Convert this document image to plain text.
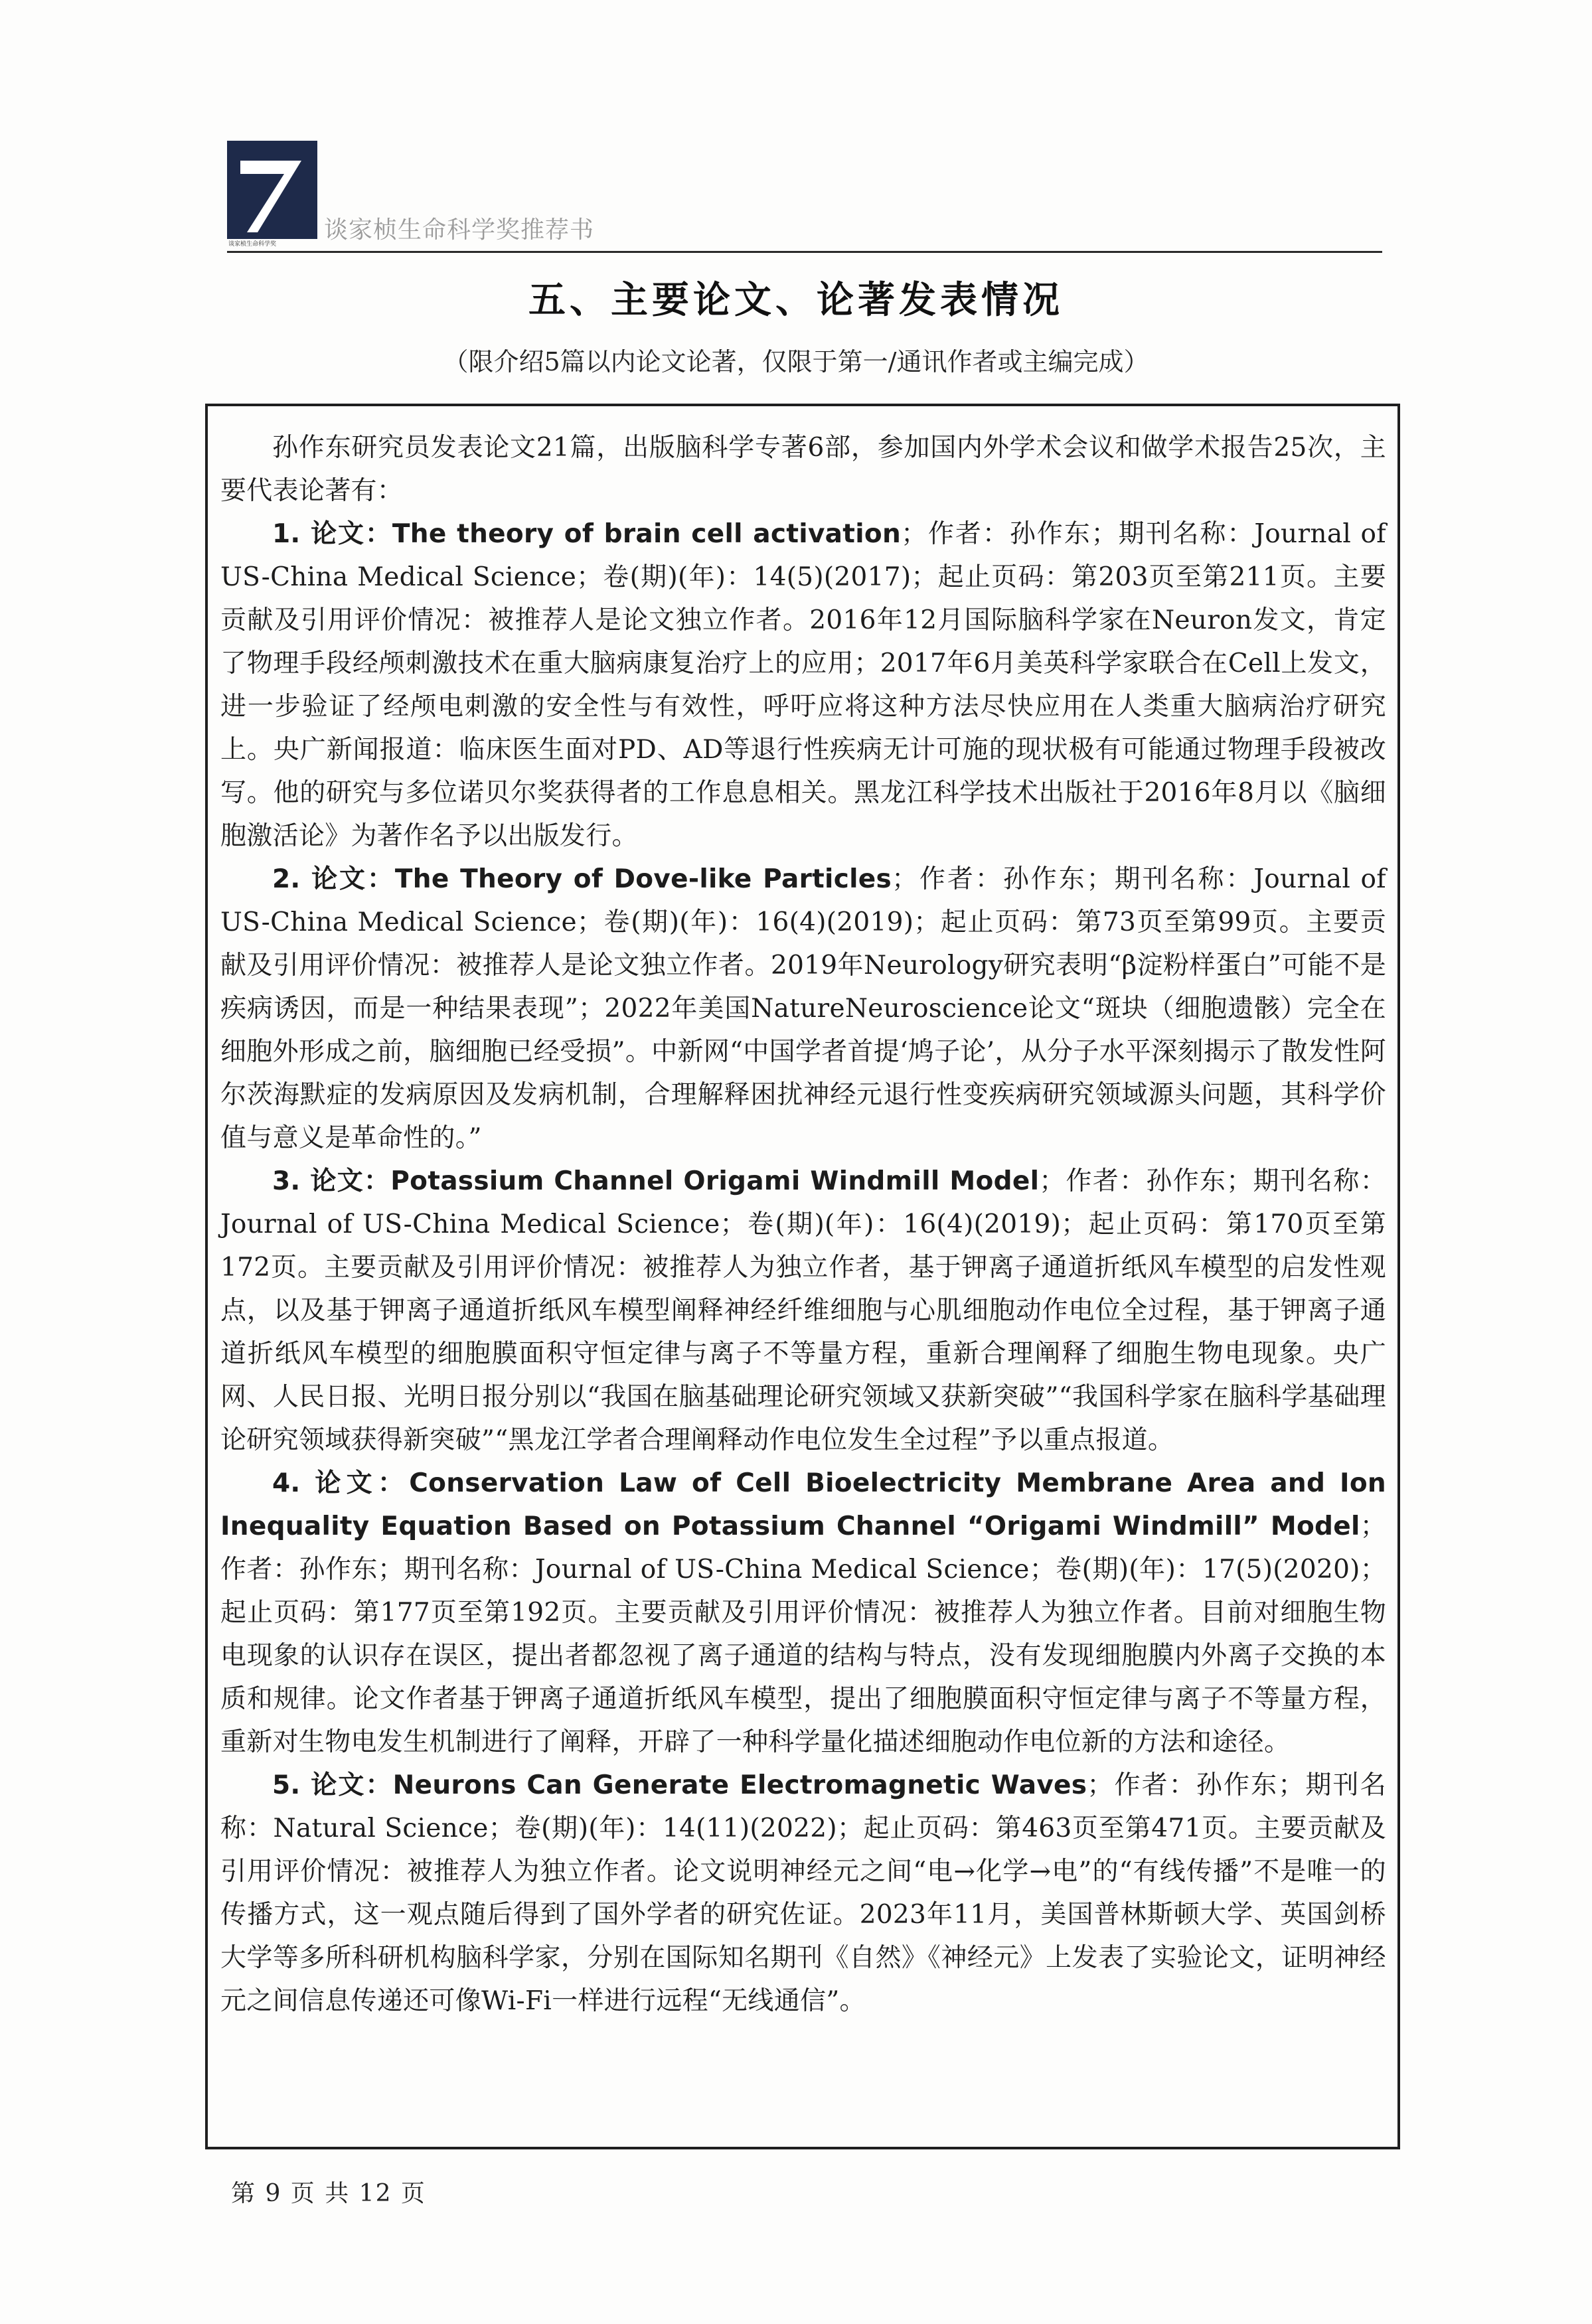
谈家桢生命科学奖
谈家桢生命科学奖推荐书
五、主要论文、论著发表情况
（限介绍5篇以内论文论著，仅限于第一/通讯作者或主编完成）

孙作东研究员发表论文21篇，出版脑科学专著6部，参加国内外学术会议和做学术报告25次，主要代表论著有：

1. 论文：The theory of brain cell activation；作者：孙作东；期刊名称：Journal of US-China Medical Science；卷(期)(年)：14(5)(2017)；起止页码：第203页至第211页。主要贡献及引用评价情况：被推荐人是论文独立作者。2016年12月国际脑科学家在Neuron发文，肯定了物理手段经颅刺激技术在重大脑病康复治疗上的应用；2017年6月美英科学家联合在Cell上发文，进一步验证了经颅电刺激的安全性与有效性，呼吁应将这种方法尽快应用在人类重大脑病治疗研究上。央广新闻报道：临床医生面对PD、AD等退行性疾病无计可施的现状极有可能通过物理手段被改写。他的研究与多位诺贝尔奖获得者的工作息息相关。黑龙江科学技术出版社于2016年8月以《脑细胞激活论》为著作名予以出版发行。

2. 论文：The Theory of Dove-like Particles；作者：孙作东；期刊名称：Journal of US-China Medical Science；卷(期)(年)：16(4)(2019)；起止页码：第73页至第99页。主要贡献及引用评价情况：被推荐人是论文独立作者。2019年Neurology研究表明“β淀粉样蛋白”可能不是疾病诱因，而是一种结果表现”；2022年美国NatureNeuroscience论文“斑块（细胞遗骸）完全在细胞外形成之前，脑细胞已经受损”。中新网“中国学者首提‘鸠子论’，从分子水平深刻揭示了散发性阿尔茨海默症的发病原因及发病机制，合理解释困扰神经元退行性变疾病研究领域源头问题，其科学价值与意义是革命性的。”

3. 论文：Potassium Channel Origami Windmill Model；作者：孙作东；期刊名称：Journal of US-China Medical Science；卷(期)(年)：16(4)(2019)；起止页码：第170页至第172页。主要贡献及引用评价情况：被推荐人为独立作者，基于钾离子通道折纸风车模型的启发性观点，以及基于钾离子通道折纸风车模型阐释神经纤维细胞与心肌细胞动作电位全过程，基于钾离子通道折纸风车模型的细胞膜面积守恒定律与离子不等量方程，重新合理阐释了细胞生物电现象。央广网、人民日报、光明日报分别以“我国在脑基础理论研究领域又获新突破”“我国科学家在脑科学基础理论研究领域获得新突破”“黑龙江学者合理阐释动作电位发生全过程”予以重点报道。

4. 论文：Conservation Law of Cell Bioelectricity Membrane Area and Ion Inequality Equation Based on Potassium Channel “Origami Windmill” Model；作者：孙作东；期刊名称：Journal of US-China Medical Science；卷(期)(年)：17(5)(2020)；起止页码：第177页至第192页。主要贡献及引用评价情况：被推荐人为独立作者。目前对细胞生物电现象的认识存在误区，提出者都忽视了离子通道的结构与特点，没有发现细胞膜内外离子交换的本质和规律。论文作者基于钾离子通道折纸风车模型，提出了细胞膜面积守恒定律与离子不等量方程，重新对生物电发生机制进行了阐释，开辟了一种科学量化描述细胞动作电位新的方法和途径。

5. 论文：Neurons Can Generate Electromagnetic Waves；作者：孙作东；期刊名称：Natural Science；卷(期)(年)：14(11)(2022)；起止页码：第463页至第471页。主要贡献及引用评价情况：被推荐人为独立作者。论文说明神经元之间“电→化学→电”的“有线传播”不是唯一的传播方式，这一观点随后得到了国外学者的研究佐证。2023年11月，美国普林斯顿大学、英国剑桥大学等多所科研机构脑科学家，分别在国际知名期刊《自然》《神经元》上发表了实验论文，证明神经元之间信息传递还可像Wi-Fi一样进行远程“无线通信”。

第 9 页 共 12 页
